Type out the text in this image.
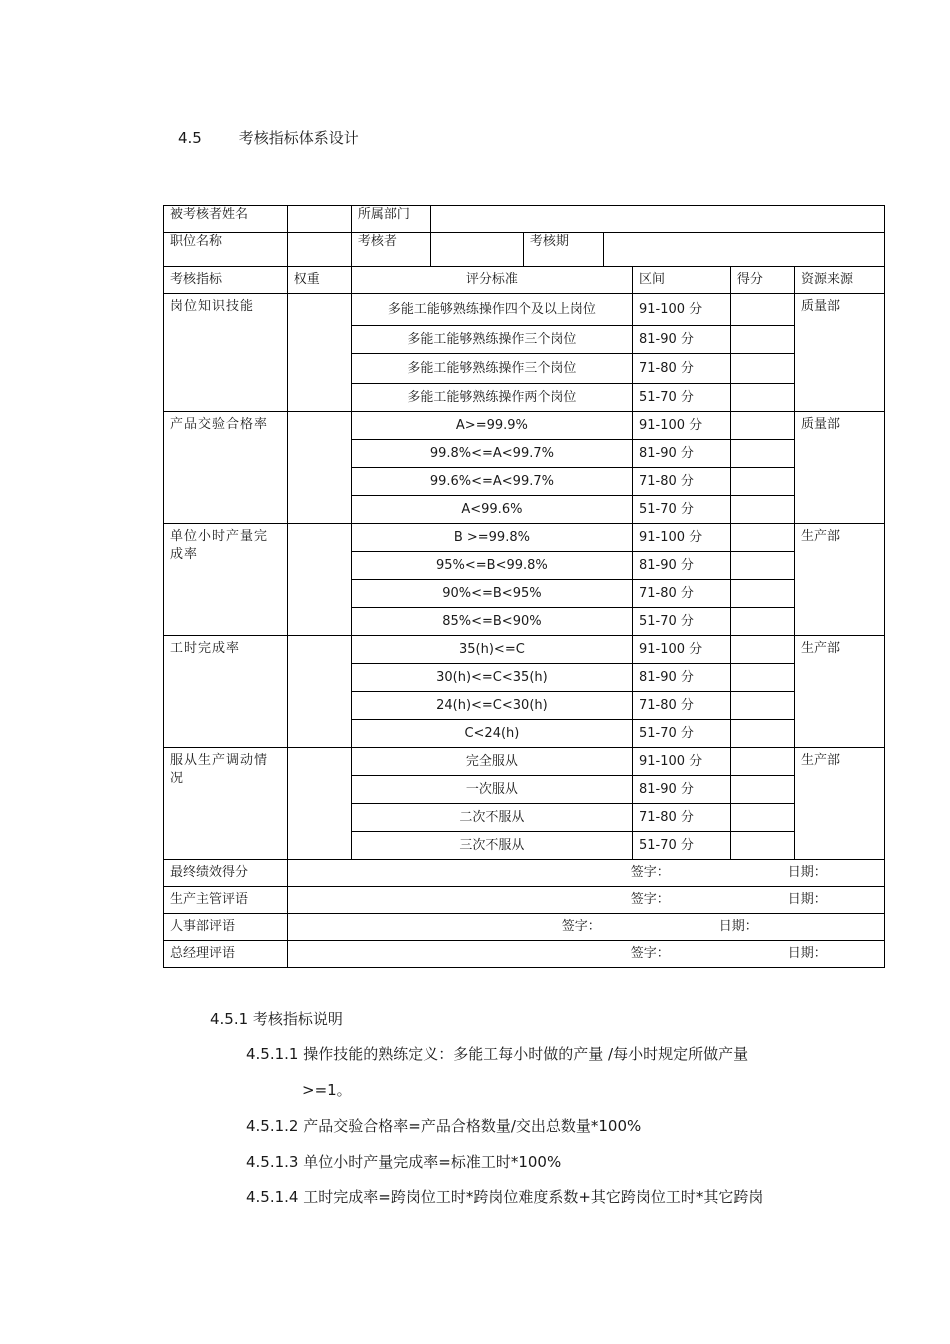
4.5 考核指标体系设计
被考核者姓名		所属部门			

职位名称		考核者 考核期			

考核指标	权重	评分标准	区间	得分	资源来源
岗位知识技能		多能工能够熟练操作四个及以上岗位	91-100 分		质量部
		多能工能够熟练操作三个岗位	81-90 分		
		多能工能够熟练操作三个岗位	71-80 分		
		多能工能够熟练操作两个岗位	51-70 分		
产品交验合格率		A>=99.9%	91-100 分		质量部
		99.8%<=A<99.7%	81-90 分		
		99.6%<=A<99.7%	71-80 分		
		A<99.6%	51-70 分		
单位小时产量完成率		B >=99.8%	91-100 分		生产部
		95%<=B<99.8%	81-90 分		
		90%<=B<95%	71-80 分		
		85%<=B<90%	51-70 分		
工时完成率		35(h)<=C	91-100 分		生产部
		30(h)<=C<35(h)	81-90 分		
		24(h)<=C<30(h)	71-80 分		
		C<24(h)	51-70 分		
服从生产调动情况		完全服从	91-100 分		生产部
		一次服从	81-90 分		
		二次不服从	71-80 分		
		三次不服从	51-70 分		
最终绩效得分	签字： 日期：				

生产主管评语	签字： 日期：				

人事部评语	签字： 日期：				

总经理评语	签字： 日期：				
4.5.1 考核指标说明
4.5.1.1 操作技能的熟练定义：多能工每小时做的产量 /每小时规定所做产量
>=1。
4.5.1.2 产品交验合格率=产品合格数量/交出总数量*100%
4.5.1.3 单位小时产量完成率=标准工时*100%
4.5.1.4 工时完成率=跨岗位工时*跨岗位难度系数+其它跨岗位工时*其它跨岗
